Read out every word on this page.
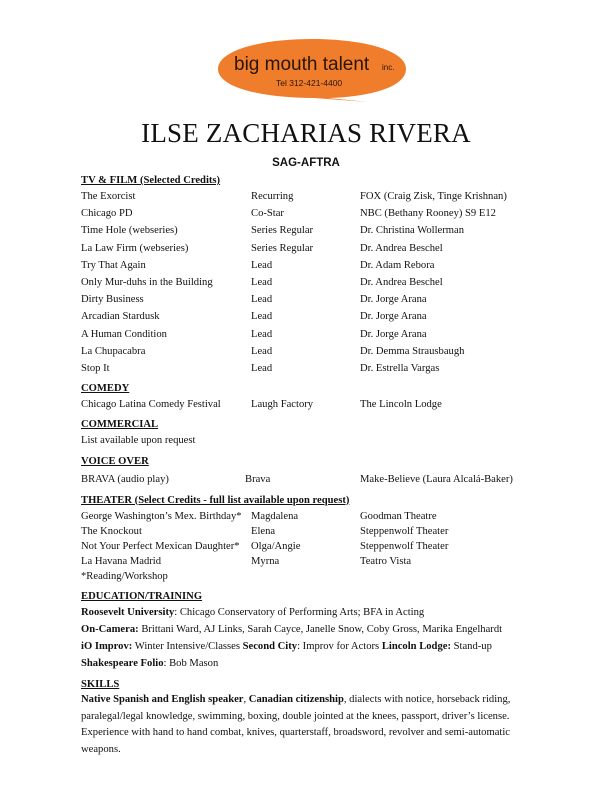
big mouth talent inc.
Tel 312-421-4400
ILSE ZACHARIAS RIVERA
SAG-AFTRA
TV & FILM (Selected Credits)
The Exorcist	Recurring	FOX (Craig Zisk, Tinge Krishnan)
Chicago PD	Co-Star	NBC (Bethany Rooney) S9 E12
Time Hole (webseries)	Series Regular	Dr. Christina Wollerman
La Law Firm (webseries)	Series Regular	Dr. Andrea Beschel
Try That Again	Lead	Dr. Adam Rebora
Only Mur-duhs in the Building	Lead	Dr. Andrea Beschel
Dirty Business	Lead	Dr. Jorge Arana
Arcadian Stardusk	Lead	Dr. Jorge Arana
A Human Condition	Lead	Dr. Jorge Arana
La Chupacabra	Lead	Dr. Demma Strausbaugh
Stop It	Lead	Dr. Estrella Vargas
COMEDY
Chicago Latina Comedy Festival	Laugh Factory	The Lincoln Lodge
COMMERCIAL
List available upon request
VOICE OVER
BRAVA (audio play)	Brava	Make-Believe (Laura Alcalá-Baker)
THEATER (Select Credits - full list available upon request)
George Washington’s Mex. Birthday* Magdalena	Goodman Theatre
The Knockout	Elena	Steppenwolf Theater
Not Your Perfect Mexican Daughter* Olga/Angie	Steppenwolf Theater
La Havana Madrid	Myrna	Teatro Vista
*Reading/Workshop
EDUCATION/TRAINING
Roosevelt University: Chicago Conservatory of Performing Arts; BFA in Acting
On-Camera: Brittani Ward, AJ Links, Sarah Cayce, Janelle Snow, Coby Gross, Marika Engelhardt
iO Improv: Winter Intensive/Classes Second City: Improv for Actors Lincoln Lodge: Stand-up
Shakespeare Folio: Bob Mason
SKILLS
Native Spanish and English speaker, Canadian citizenship, dialects with notice, horseback riding, paralegal/legal knowledge, swimming, boxing, double jointed at the knees, passport, driver’s license. Experience with hand to hand combat, knives, quarterstaff, broadsword, revolver and semi-automatic weapons.
